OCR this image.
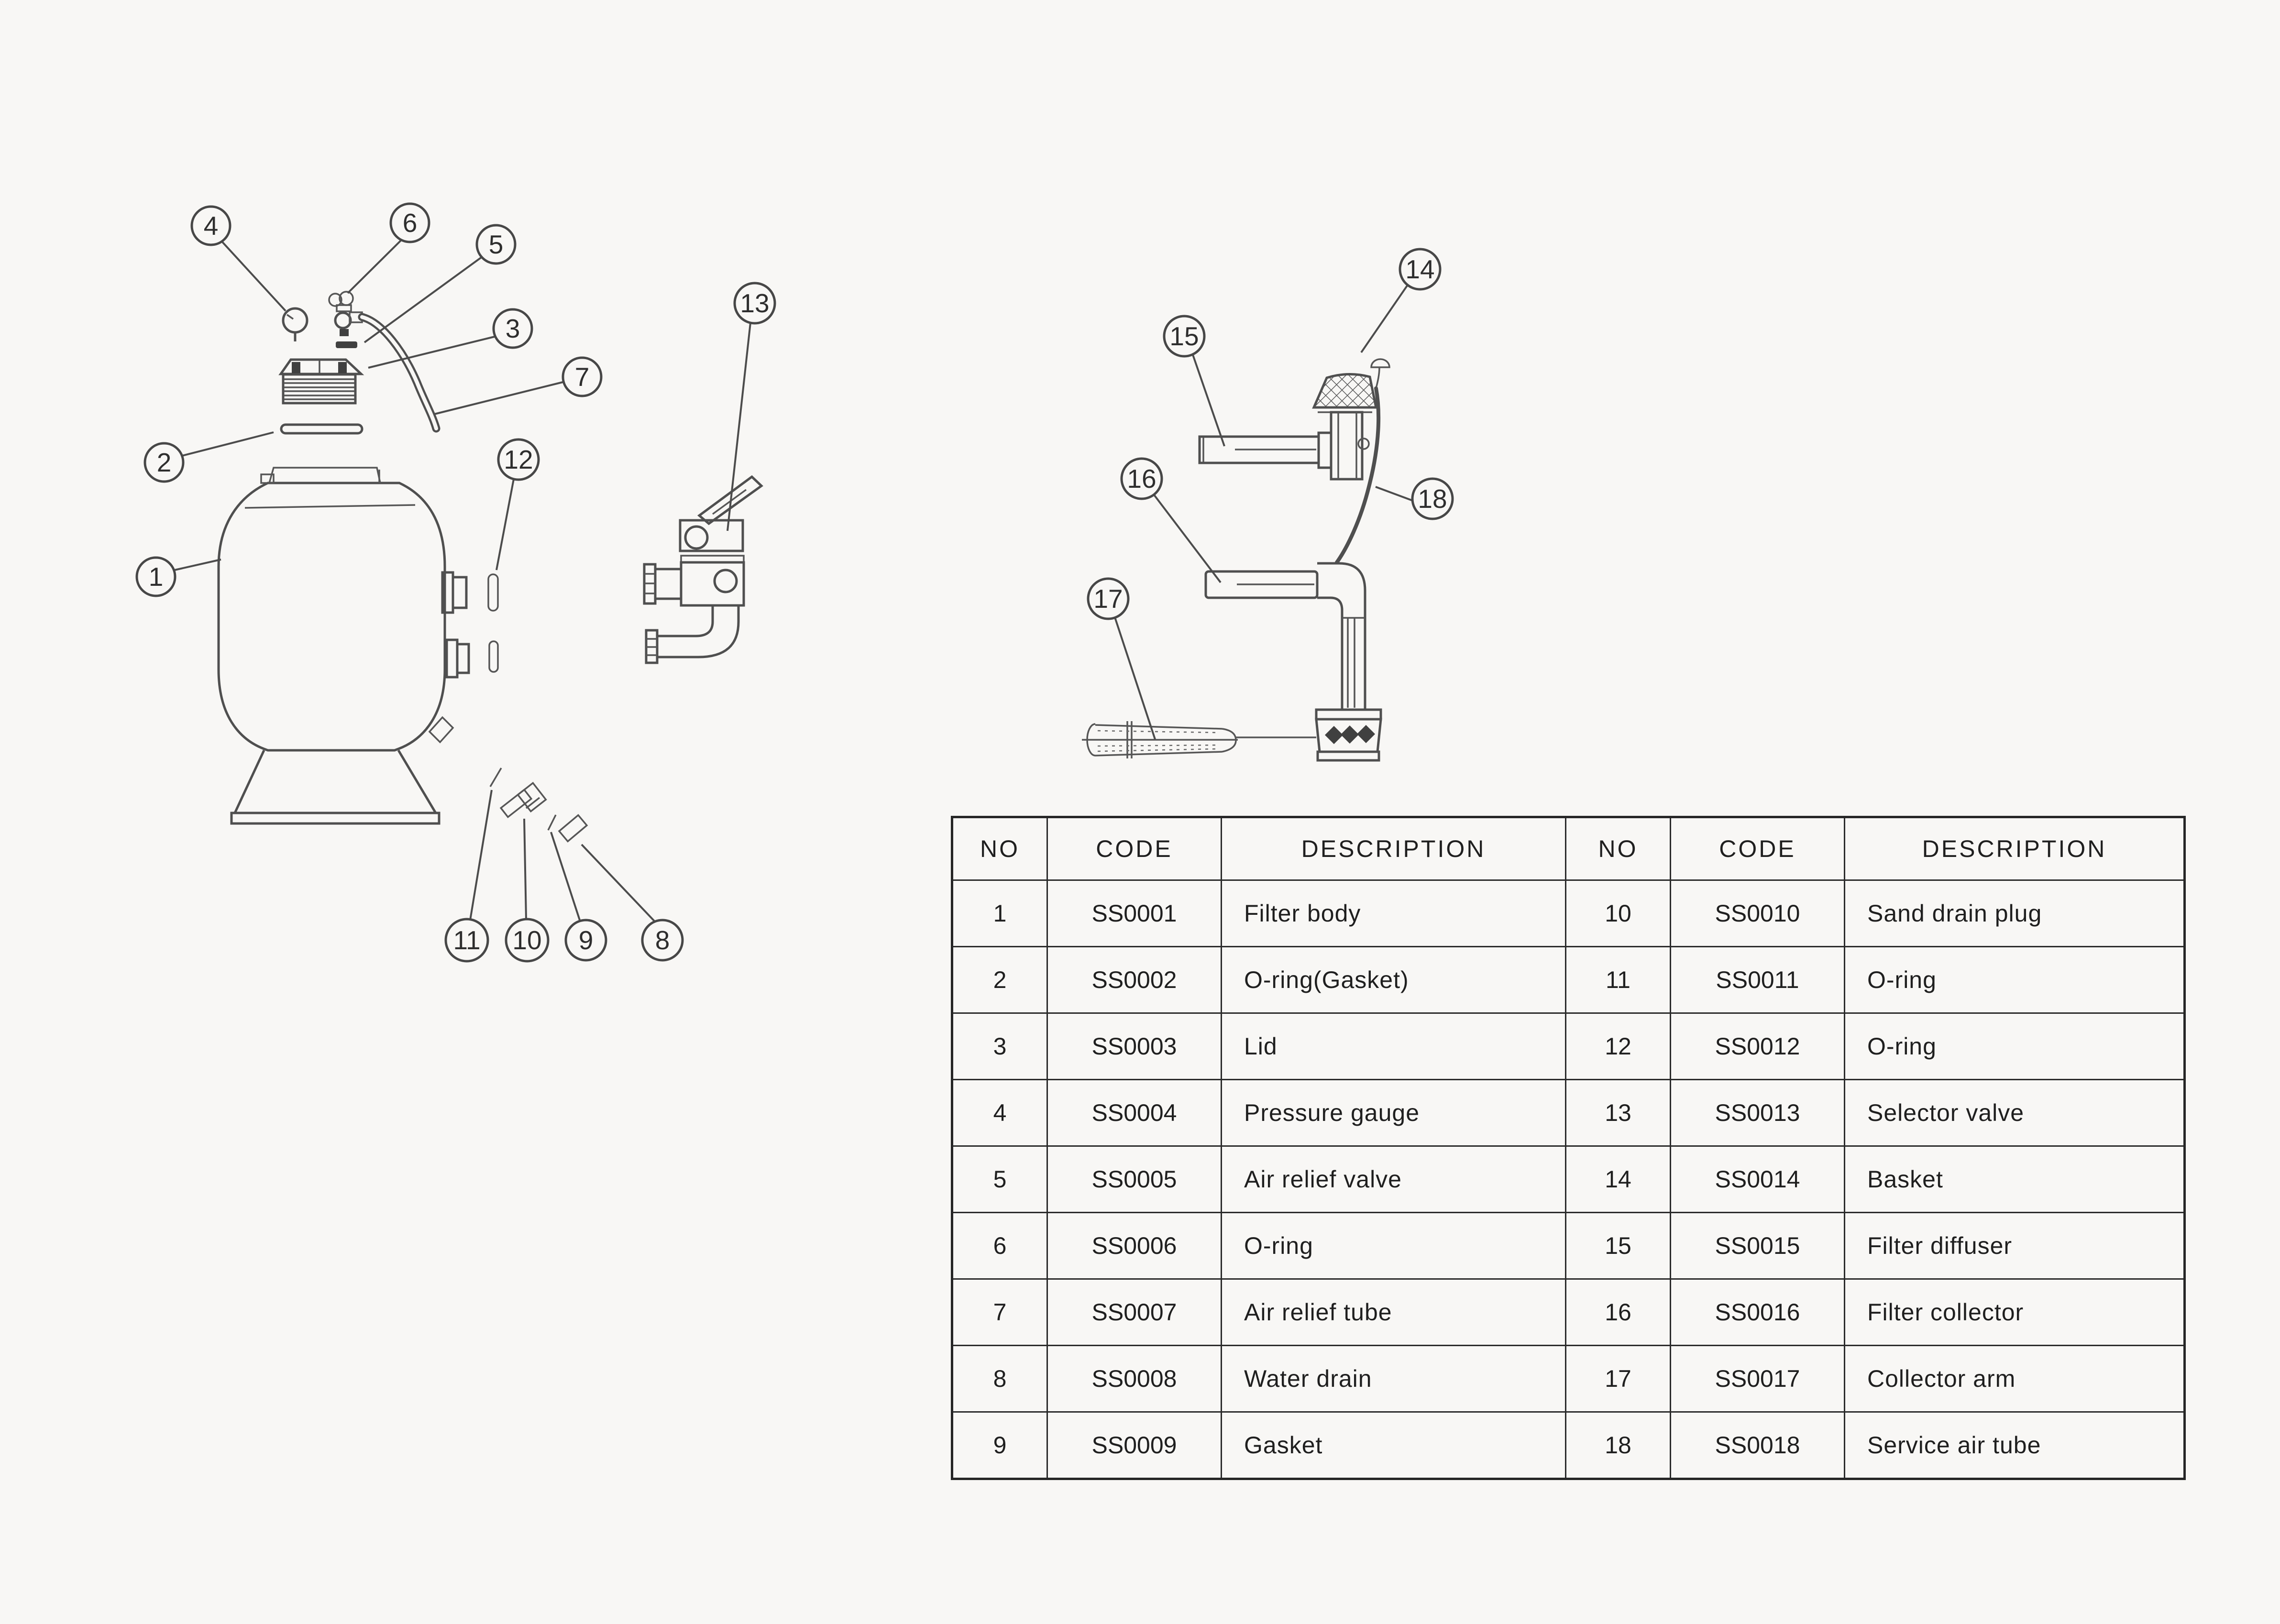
1
2
3
4
5
6
7
8
9
10
11
12
13
14
15
16
17
18
NO	CODE	DESCRIPTION	NO	CODE	DESCRIPTION
1	SS0001	Filter body	10	SS0010	Sand drain plug
2	SS0002	O-ring(Gasket)	11	SS0011	O-ring
3	SS0003	Lid	12	SS0012	O-ring
4	SS0004	Pressure gauge	13	SS0013	Selector valve
5	SS0005	Air relief valve	14	SS0014	Basket
6	SS0006	O-ring	15	SS0015	Filter diffuser
7	SS0007	Air relief tube	16	SS0016	Filter collector
8	SS0008	Water drain	17	SS0017	Collector arm
9	SS0009	Gasket	18	SS0018	Service air tube
